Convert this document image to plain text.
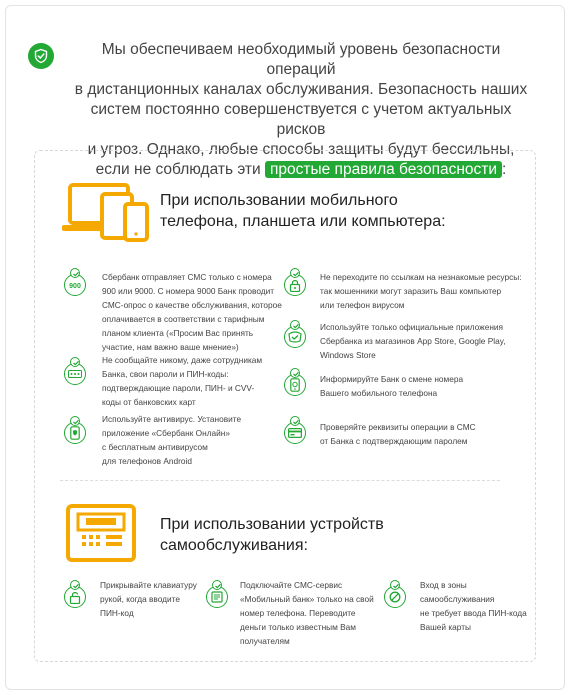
Мы обеспечиваем необходимый уровень безопасности операций
в дистанционных каналах обслуживания. Безопасность наших
систем постоянно совершенствуется с учетом актуальных рисков
и угроз. Однако, любые способы защиты будут бессильны,
если не соблюдать эти простые правила безопасности :
При использовании мобильного
телефона, планшета или компьютера:
900
Сбербанк отправляет СМС только с номера
900 или 9000. С номера 9000 Банк проводит
СМС-опрос о качестве обслуживания, которое
оплачивается в соответствии с тарифным
планом клиента («Просим Вас принять
участие, нам важно ваше мнение»)
Не сообщайте никому, даже сотрудникам
Банка, свои пароли и ПИН-коды:
подтверждающие пароли, ПИН- и CVV-
коды от банковских карт
Используйте антивирус. Установите
приложение «Сбербанк Онлайн»
с бесплатным антивирусом
для телефонов Android
Не переходите по ссылкам на незнакомые ресурсы:
так мошенники могут заразить Ваш компьютер
или телефон вирусом
Используйте только официальные приложения
Сбербанка из магазинов App Store, Google Play,
Windows Store
Информируйте Банк о смене номера
Вашего мобильного телефона
Проверяйте реквизиты операции в СМС
от Банка с подтверждающим паролем
При использовании устройств
самообслуживания:
Прикрывайте клавиатуру
рукой, когда вводите
ПИН-код
Подключайте СМС-сервис
«Мобильный банк» только на свой
номер телефона. Переводите
деньги только известным Вам
получателям
Вход в зоны
самообслуживания
не требует ввода ПИН-кода
Вашей карты
